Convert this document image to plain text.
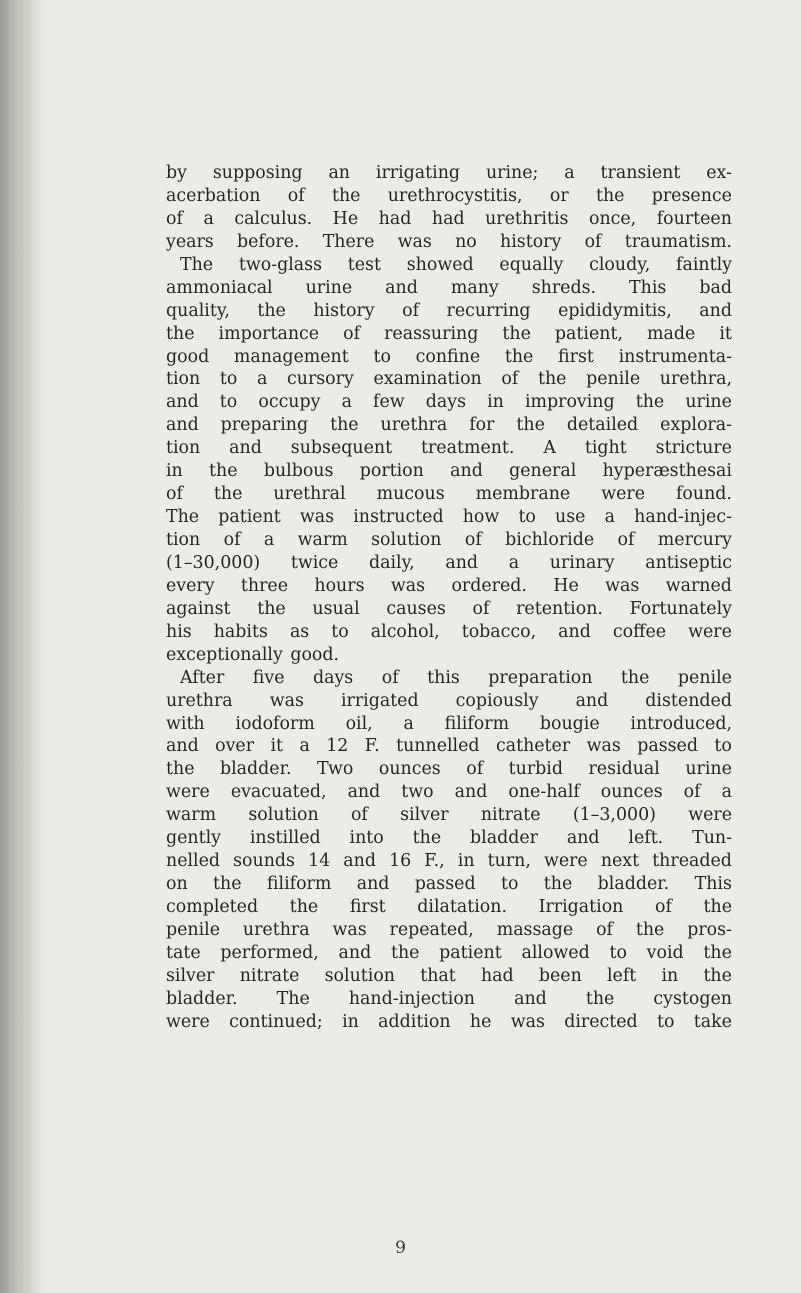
by supposing an irrigating urine; a transient ex-
acerbation of the urethrocystitis, or the presence
of a calculus. He had had urethritis once, fourteen
years before. There was no history of traumatism.
The two-glass test showed equally cloudy, faintly
ammoniacal urine and many shreds. This bad
quality, the history of recurring epididymitis, and
the importance of reassuring the patient, made it
good management to confine the first instrumenta-
tion to a cursory examination of the penile urethra,
and to occupy a few days in improving the urine
and preparing the urethra for the detailed explora-
tion and subsequent treatment. A tight stricture
in the bulbous portion and general hyperæsthesai
of the urethral mucous membrane were found.
The patient was instructed how to use a hand-injec-
tion of a warm solution of bichloride of mercury
(1–30,000) twice daily, and a urinary antiseptic
every three hours was ordered. He was warned
against the usual causes of retention. Fortunately
his habits as to alcohol, tobacco, and coffee were
exceptionally good.
After five days of this preparation the penile
urethra was irrigated copiously and distended
with iodoform oil, a filiform bougie introduced,
and over it a 12 F. tunnelled catheter was passed to
the bladder. Two ounces of turbid residual urine
were evacuated, and two and one-half ounces of a
warm solution of silver nitrate (1–3,000) were
gently instilled into the bladder and left. Tun-
nelled sounds 14 and 16 F., in turn, were next threaded
on the filiform and passed to the bladder. This
completed the first dilatation. Irrigation of the
penile urethra was repeated, massage of the pros-
tate performed, and the patient allowed to void the
silver nitrate solution that had been left in the
bladder. The hand-injection and the cystogen
were continued; in addition he was directed to take
9
